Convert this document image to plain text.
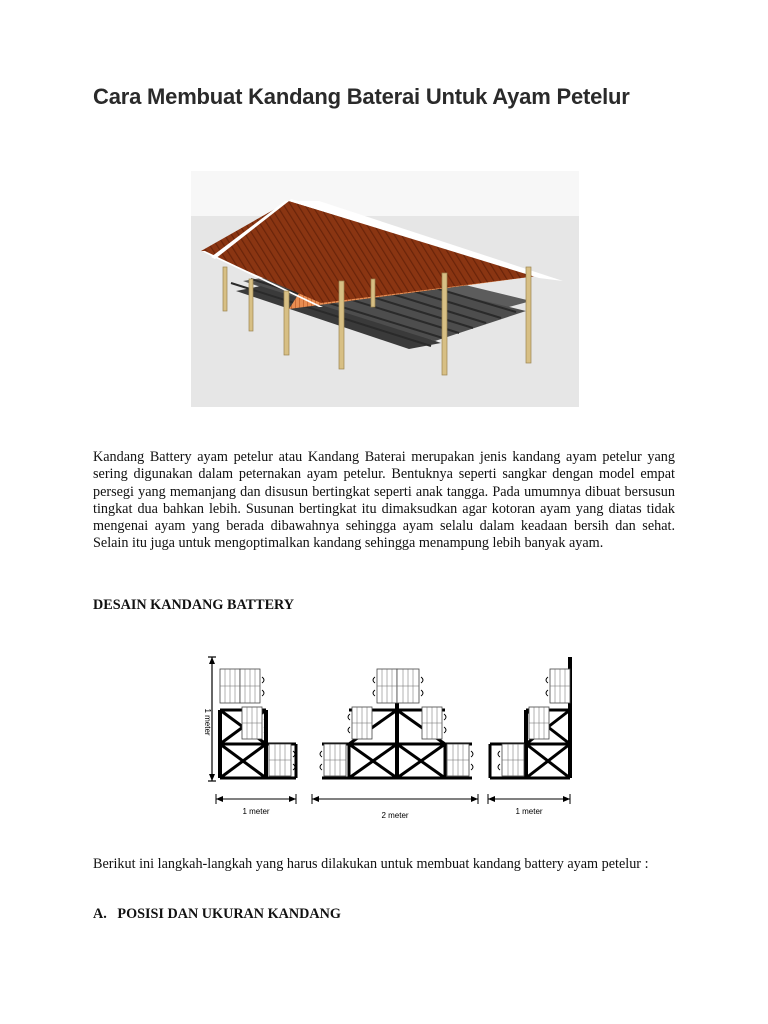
Cara Membuat Kandang Baterai Untuk Ayam Petelur

Kandang Battery ayam petelur atau Kandang Baterai merupakan jenis kandang ayam petelur yang sering digunakan dalam peternakan ayam petelur. Bentuknya seperti sangkar dengan model empat persegi yang memanjang dan disusun bertingkat seperti anak tangga. Pada umumnya dibuat bersusun tingkat dua bahkan lebih. Susunan bertingkat itu dimaksudkan agar kotoran ayam yang diatas tidak mengenai ayam yang berada dibawahnya sehingga ayam selalu dalam keadaan bersih dan sehat. Selain itu juga untuk mengoptimalkan kandang sehingga menampung lebih banyak ayam.

DESAIN KANDANG BATTERY
1 meter
1 meter	2 meter	1 meter

Berikut ini langkah-langkah yang harus dilakukan untuk membuat kandang battery ayam petelur :

A.   POSISI DAN UKURAN KANDANG
